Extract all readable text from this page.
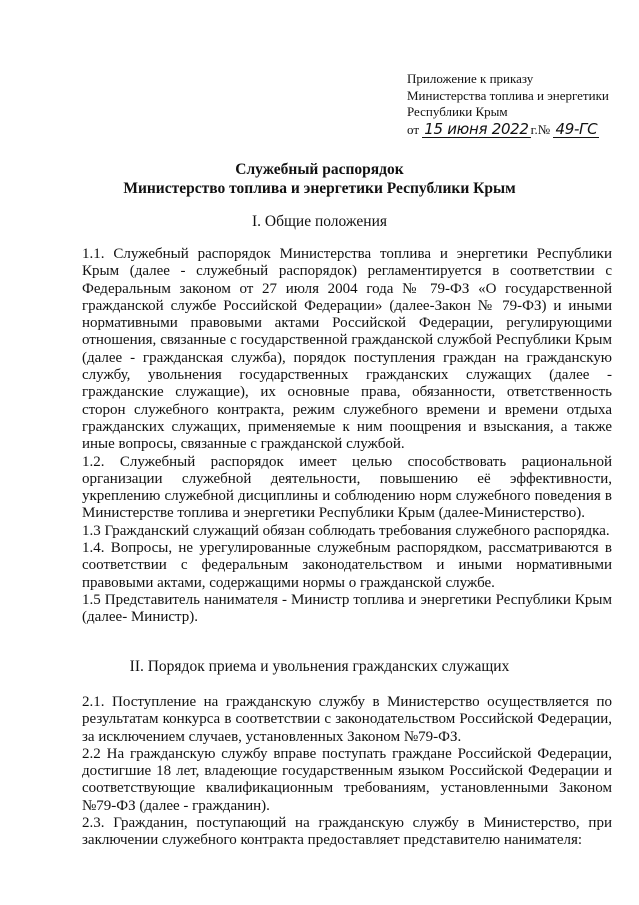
Приложение к приказу
Министерства топлива и энергетики
Республики Крым
от 15 июня 2022 г.№ 49-ГС
Служебный распорядок
Министерство топлива и энергетики Республики Крым
I. Общие положения

1.1. Служебный распорядок Министерства топлива и энергетики Республики Крым (далее - служебный распорядок) регламентируется в соответствии с Федеральным законом от 27 июля 2004 года № 79-ФЗ «О государственной гражданской службе Российской Федерации» (далее-Закон № 79-ФЗ) и иными нормативными правовыми актами Российской Федерации, регулирующими отношения, связанные с государственной гражданской службой Республики Крым (далее - гражданская служба), порядок поступления граждан на гражданскую службу, увольнения государственных гражданских служащих (далее - гражданские служащие), их основные права, обязанности, ответственность сторон служебного контракта, режим служебного времени и времени отдыха гражданских служащих, применяемые к ним поощрения и взыскания, а также иные вопросы, связанные с гражданской службой.

1.2. Служебный распорядок имеет целью способствовать рациональной организации служебной деятельности, повышению её эффективности, укреплению служебной дисциплины и соблюдению норм служебного поведения в Министерстве топлива и энергетики Республики Крым (далее-Министерство).

1.3 Гражданский служащий обязан соблюдать требования служебного распорядка.

1.4. Вопросы, не урегулированные служебным распорядком, рассматриваются в соответствии с федеральным законодательством и иными нормативными правовыми актами, содержащими нормы о гражданской службе.

1.5 Представитель нанимателя - Министр топлива и энергетики Республики Крым (далее- Министр).

II. Порядок приема и увольнения гражданских служащих

2.1. Поступление на гражданскую службу в Министерство осуществляется по результатам конкурса в соответствии с законодательством Российской Федерации, за исключением случаев, установленных Законом №79-ФЗ.

2.2 На гражданскую службу вправе поступать граждане Российской Федерации, достигшие 18 лет, владеющие государственным языком Российской Федерации и соответствующие квалификационным требованиям, установленными Законом №79-ФЗ (далее - гражданин).

2.3. Гражданин, поступающий на гражданскую службу в Министерство, при заключении служебного контракта предоставляет представителю нанимателя:
